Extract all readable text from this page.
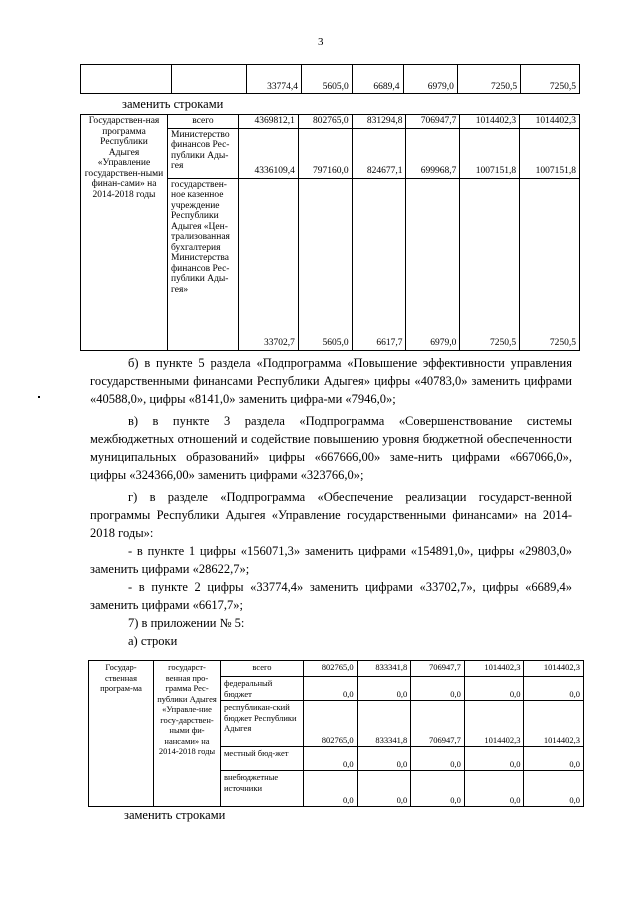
3
		33774,4	5605,0	6689,4	6979,0	7250,5	7250,5
заменить строками
Государствен-ная программа Республики Адыгея «Управление государствен-ными финан-сами» на 2014-2018 годы	всего	4369812,1	802765,0	831294,8	706947,7	1014402,3	1014402,3
	Министерство финансов Рес-публики Ады-гея	4336109,4	797160,0	824677,1	699968,7	1007151,8	1007151,8
	государствен-ное казенное учреждение Республики Адыгея «Цен-трализованная бухгалтерия Министерства финансов Рес-публики Ады-гея»	33702,7	5605,0	6617,7	6979,0	7250,5	7250,5

б) в пункте 5 раздела «Подпрограмма «Повышение эффективности управления государственными финансами Республики Адыгея» цифры «40783,0» заменить цифрами «40588,0», цифры «8141,0» заменить цифра-ми «7946,0»;

в) в пункте 3 раздела «Подпрограмма «Совершенствование системы межбюджетных отношений и содействие повышению уровня бюджетной обеспеченности муниципальных образований» цифры «667666,00» заме-нить цифрами «667066,0», цифры «324366,00» заменить цифрами «323766,0»;

г) в разделе «Подпрограмма «Обеспечение реализации государст-венной программы Республики Адыгея «Управление государственными финансами» на 2014-2018 годы»:

- в пункте 1 цифры «156071,3» заменить цифрами «154891,0», цифры «29803,0» заменить цифрами «28622,7»;

- в пункте 2 цифры «33774,4» заменить цифрами «33702,7», цифры «6689,4» заменить цифрами «6617,7»;

7) в приложении № 5:

а) строки

Государ-ственная програм-ма	государст-венная про-грамма Рес-публики Адыгея «Управле-ние госу-дарствен-ными фи-нансами» на 2014-2018 годы	всего	802765,0	833341,8	706947,7	1014402,3	1014402,3
		федеральный бюджет	0,0	0,0	0,0	0,0	0,0
		республикан-ский бюджет Республики Адыгея	802765,0	833341,8	706947,7	1014402,3	1014402,3
		местный бюд-жет	0,0	0,0	0,0	0,0	0,0
		внебюджетные источники	0,0	0,0	0,0	0,0	0,0
заменить строками
